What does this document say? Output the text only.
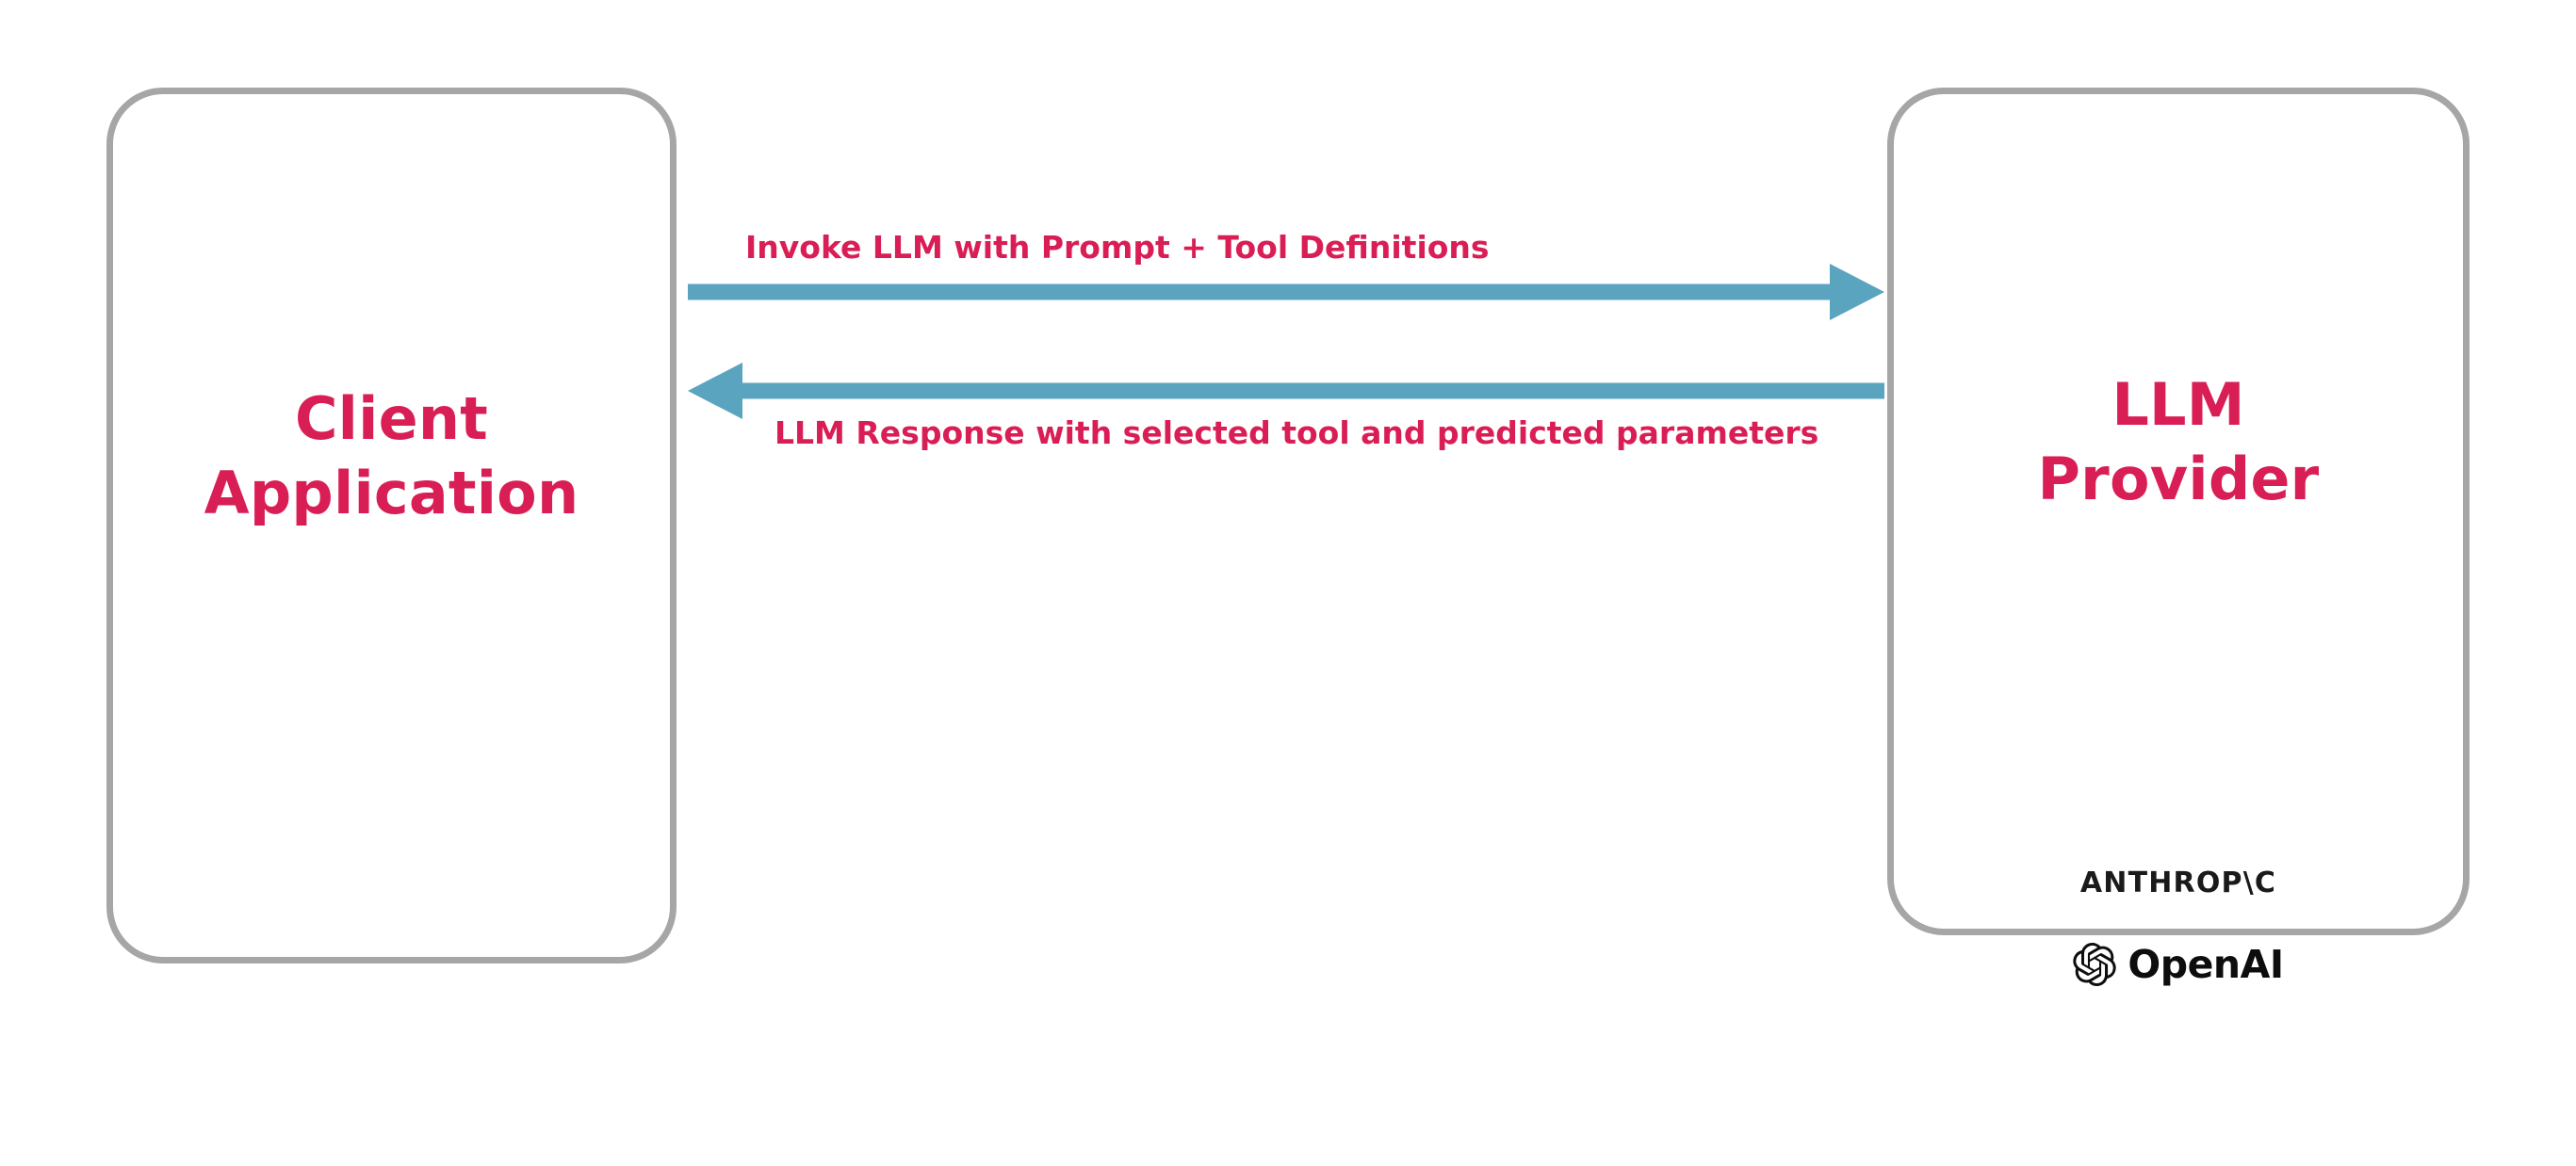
Client
Application
LLM
Provider
ANTHROP\C
OpenAI
Invoke LLM with Prompt + Tool Definitions
LLM Response with selected tool and predicted parameters
